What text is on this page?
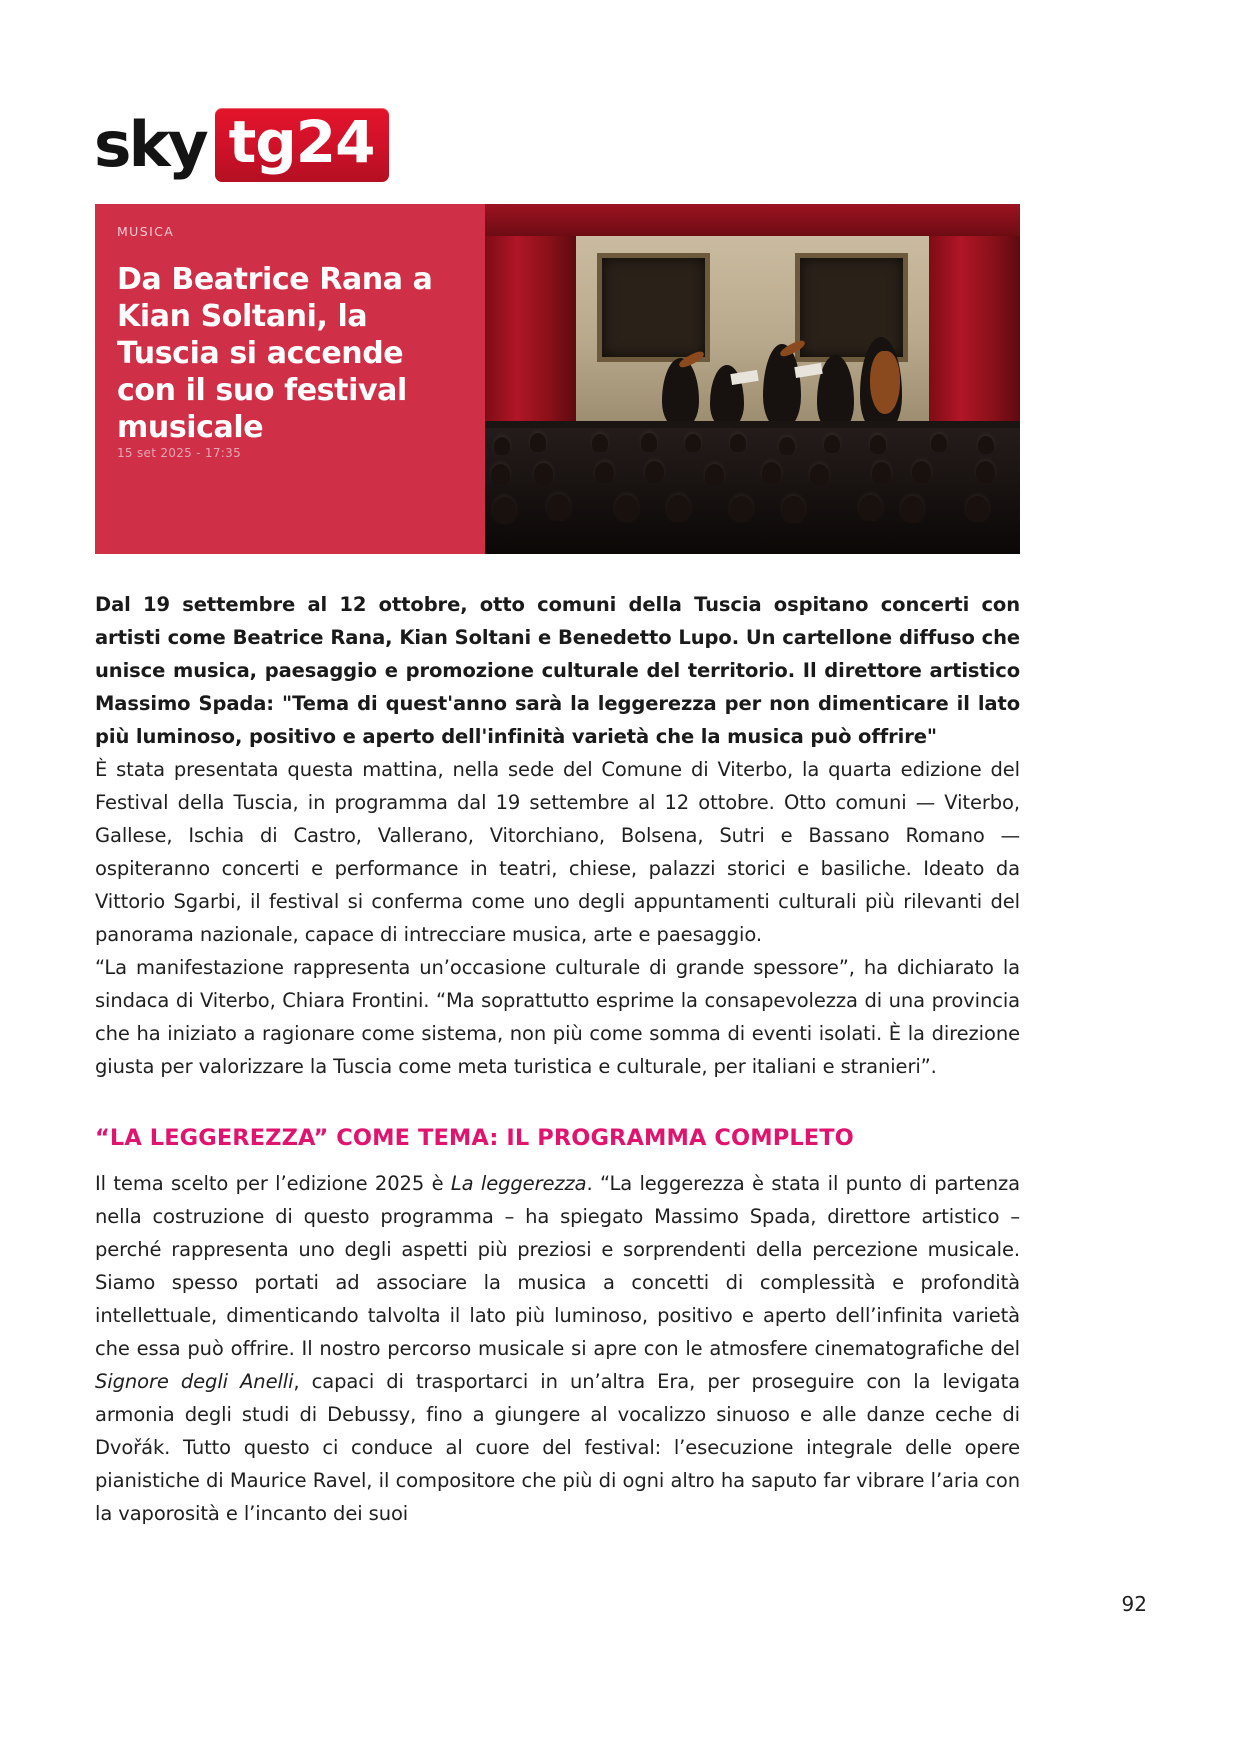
sky tg24
MUSICA
Da Beatrice Rana a Kian Soltani, la Tuscia si accende con il suo festival musicale
15 set 2025 - 17:35

Dal 19 settembre al 12 ottobre, otto comuni della Tuscia ospitano concerti con artisti come Beatrice Rana, Kian Soltani e Benedetto Lupo. Un cartellone diffuso che unisce musica, paesaggio e promozione culturale del territorio. Il direttore artistico Massimo Spada: "Tema di quest'anno sarà la leggerezza per non dimenticare il lato più luminoso, positivo e aperto dell'infinità varietà che la musica può offrire"

È stata presentata questa mattina, nella sede del Comune di Viterbo, la quarta edizione del Festival della Tuscia, in programma dal 19 settembre al 12 ottobre. Otto comuni — Viterbo, Gallese, Ischia di Castro, Vallerano, Vitorchiano, Bolsena, Sutri e Bassano Romano — ospiteranno concerti e performance in teatri, chiese, palazzi storici e basiliche. Ideato da Vittorio Sgarbi, il festival si conferma come uno degli appuntamenti culturali più rilevanti del panorama nazionale, capace di intrecciare musica, arte e paesaggio.

“La manifestazione rappresenta un’occasione culturale di grande spessore”, ha dichiarato la sindaca di Viterbo, Chiara Frontini. “Ma soprattutto esprime la consapevolezza di una provincia che ha iniziato a ragionare come sistema, non più come somma di eventi isolati. È la direzione giusta per valorizzare la Tuscia come meta turistica e culturale, per italiani e stranieri”.

“LA LEGGEREZZA” COME TEMA: IL PROGRAMMA COMPLETO

Il tema scelto per l’edizione 2025 è La leggerezza. “La leggerezza è stata il punto di partenza nella costruzione di questo programma – ha spiegato Massimo Spada, direttore artistico – perché rappresenta uno degli aspetti più preziosi e sorprendenti della percezione musicale. Siamo spesso portati ad associare la musica a concetti di complessità e profondità intellettuale, dimenticando talvolta il lato più luminoso, positivo e aperto dell’infinita varietà che essa può offrire. Il nostro percorso musicale si apre con le atmosfere cinematografiche del Signore degli Anelli, capaci di trasportarci in un’altra Era, per proseguire con la levigata armonia degli studi di Debussy, fino a giungere al vocalizzo sinuoso e alle danze ceche di Dvořák. Tutto questo ci conduce al cuore del festival: l’esecuzione integrale delle opere pianistiche di Maurice Ravel, il compositore che più di ogni altro ha saputo far vibrare l’aria con la vaporosità e l’incanto dei suoi

92
